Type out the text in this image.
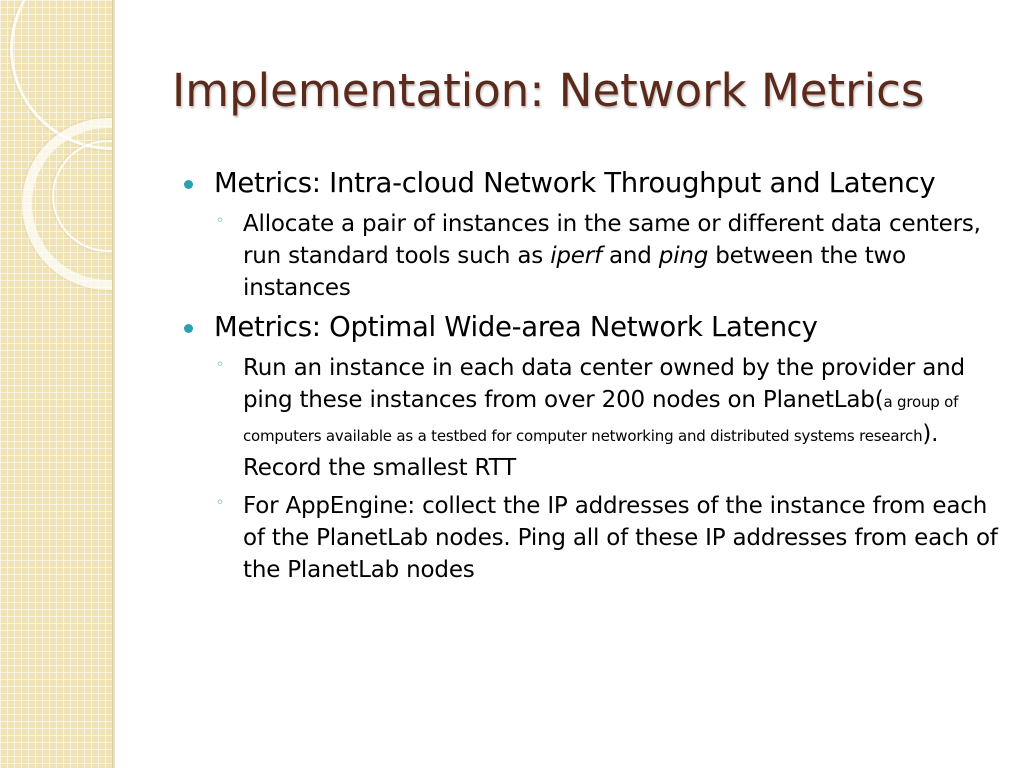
Implementation: Network Metrics
Metrics: Intra-cloud Network Throughput and Latency
◦ Allocate a pair of instances in the same or different data centers, run standard tools such as iperf and ping between the two instances
Metrics: Optimal Wide-area Network Latency
◦ Run an instance in each data center owned by the provider and ping these instances from over 200 nodes on PlanetLab(a group of computers available as a testbed for computer networking and distributed systems research). Record the smallest RTT
◦ For AppEngine: collect the IP addresses of the instance from each of the PlanetLab nodes. Ping all of these IP addresses from each of the PlanetLab nodes
